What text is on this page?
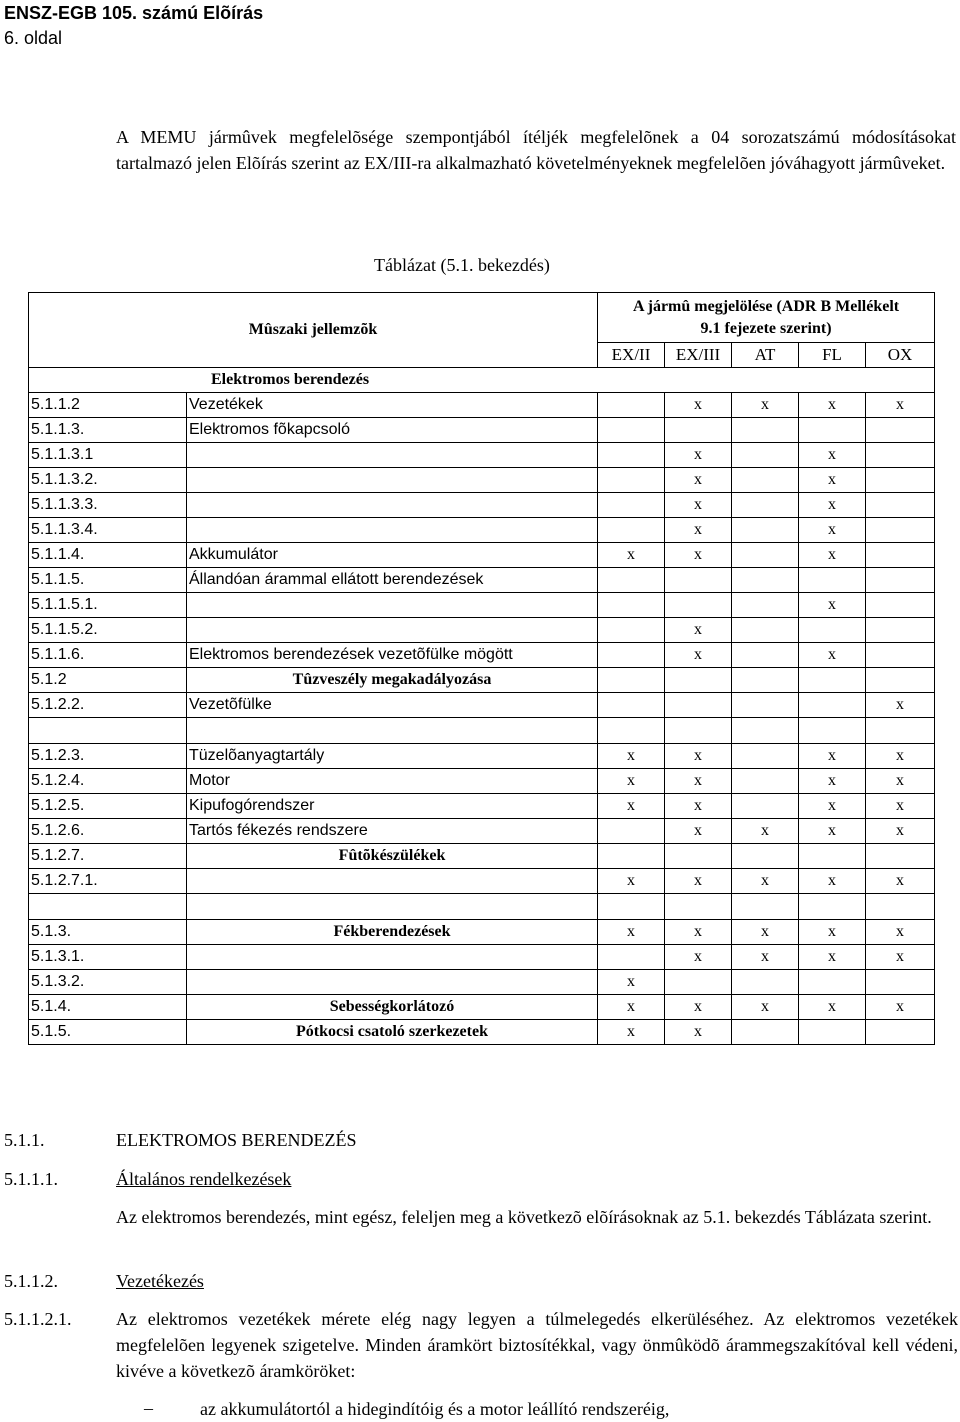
ENSZ-EGB 105. számú Elõírás
6. oldal
A MEMU jármûvek megfelelõsége szempontjából ítéljék megfelelõnek a 04 sorozatszámú módosításokat tartalmazó jelen Elõírás szerint az EX/III-ra alkalmazható követelményeknek megfelelõen jóváhagyott jármûveket.
Táblázat (5.1. bekezdés)
Mûszaki jellemzõk		A jármû megjelölése (ADR B Mellékelt
9.1 fejezete szerint)				
		EX/II	EX/III	AT	FL	OX
Elektromos berendezés						
5.1.1.2	Vezetékek		x	x	x	x
5.1.1.3.	Elektromos fõkapcsoló					
5.1.1.3.1			x		x	
5.1.1.3.2.			x		x	
5.1.1.3.3.			x		x	
5.1.1.3.4.			x		x	
5.1.1.4.	Akkumulátor	x	x		x	
5.1.1.5.	Állandóan árammal ellátott berendezések					
5.1.1.5.1.					x	
5.1.1.5.2.			x			
5.1.1.6.	Elektromos berendezések vezetõfülke mögött		x		x	
5.1.2	Tûzveszély megakadályozása					
5.1.2.2.	Vezetõfülke					x

5.1.2.3.	Tüzelõanyagtartály	x	x		x	x
5.1.2.4.	Motor	x	x		x	x
5.1.2.5.	Kipufogórendszer	x	x		x	x
5.1.2.6.	Tartós fékezés rendszere		x	x	x	x
5.1.2.7.	Fûtõkészülékek					
5.1.2.7.1.		x	x	x	x	x

5.1.3.	Fékberendezések	x	x	x	x	x
5.1.3.1.			x	x	x	x
5.1.3.2.		x				
5.1.4.	Sebességkorlátozó	x	x	x	x	x
5.1.5.	Pótkocsi csatoló szerkezetek	x	x			
5.1.1.	ELEKTROMOS BERENDEZÉS
5.1.1.1.	Általános rendelkezések
Az elektromos berendezés, mint egész, feleljen meg a következõ elõírásoknak az 5.1. bekezdés Táblázata szerint.
5.1.1.2.	Vezetékezés
5.1.1.2.1. Az elektromos vezetékek mérete elég nagy legyen a túlmelegedés elkerüléséhez. Az elektromos vezetékek megfelelõen legyenek szigetelve. Minden áramkört biztosítékkal, vagy önmûködõ árammegszakítóval kell védeni, kivéve a következõ áramköröket:
–	az akkumulátortól a hidegindítóig és a motor leállító rendszeréig,
